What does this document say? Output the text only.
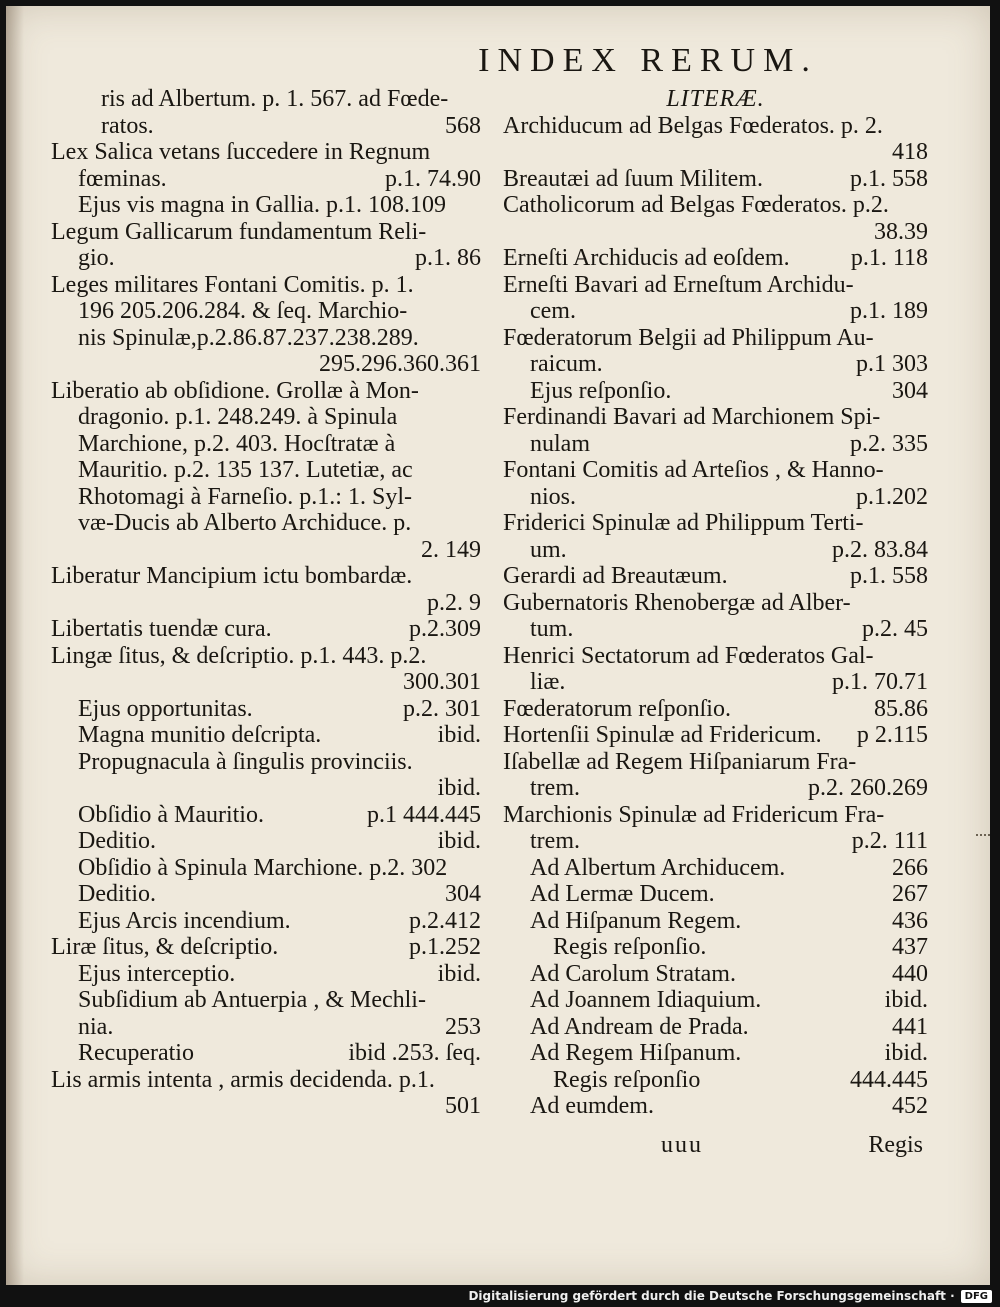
INDEX RERUM.
ris ad Albertum. p. 1. 567. ad Fœde-
ratos.	568
Lex Salica vetans ſuccedere in Regnum
fœminas.	p.1. 74.90
Ejus vis magna in Gallia. p.1. 108.109
Legum Gallicarum fundamentum Reli-
gio.	p.1. 86
Leges militares Fontani Comitis. p. 1.
196 205.206.284. & ſeq. Marchio-
nis Spinulæ,p.2.86.87.237.238.289.
295.296.360.361
Liberatio ab obſidione. Grollæ à Mon-
dragonio. p.1. 248.249. à Spinula
Marchione, p.2. 403. Hocſtratæ à
Mauritio. p.2. 135 137. Lutetiæ, ac
Rhotomagi à Farneſio. p.1.: 1. Syl-
væ-Ducis ab Alberto Archiduce. p.
2. 149
Liberatur Mancipium ictu bombardæ.
p.2. 9
Libertatis tuendæ cura.	p.2.309
Lingæ ſitus, & deſcriptio. p.1. 443. p.2.
300.301
Ejus opportunitas.	p.2. 301
Magna munitio deſcripta.	ibid.
Propugnacula à ſingulis provinciis.
ibid.
Obſidio à Mauritio.	p.1 444.445
Deditio.	ibid.
Obſidio à Spinula Marchione. p.2. 302
Deditio.	304
Ejus Arcis incendium.	p.2.412
Liræ ſitus, & deſcriptio.	p.1.252
Ejus interceptio.	ibid.
Subſidium ab Antuerpia , & Mechli-
nia.	253
Recuperatio	ibid .253. ſeq.
Lis armis intenta , armis decidenda. p.1.
501
LITERÆ.
Archiducum ad Belgas Fœderatos. p. 2.
418
Breautæi ad ſuum Militem.	p.1. 558
Catholicorum ad Belgas Fœderatos. p.2.
38.39
Erneſti Archiducis ad eoſdem.	p.1. 118
Erneſti Bavari ad Erneſtum Archidu-
cem.	p.1. 189
Fœderatorum Belgii ad Philippum Au-
raicum.	p.1 303
Ejus reſponſio.	304
Ferdinandi Bavari ad Marchionem Spi-
nulam	p.2. 335
Fontani Comitis ad Arteſios , & Hanno-
nios.	p.1.202
Friderici Spinulæ ad Philippum Terti-
um.	p.2. 83.84
Gerardi ad Breautæum.	p.1. 558
Gubernatoris Rhenobergæ ad Alber-
tum.	p.2. 45
Henrici Sectatorum ad Fœderatos Gal-
liæ.	p.1. 70.71
Fœderatorum reſponſio.	85.86
Hortenſii Spinulæ ad Fridericum.	p 2.115
Iſabellæ ad Regem Hiſpaniarum Fra-
trem.	p.2. 260.269
Marchionis Spinulæ ad Fridericum Fra-
trem.	p.2. 111
Ad Albertum Archiducem.	266
Ad Lermæ Ducem.	267
Ad Hiſpanum Regem.	436
Regis reſponſio.	437
Ad Carolum Stratam.	440
Ad Joannem Idiaquium.	ibid.
Ad Andream de Prada.	441
Ad Regem Hiſpanum.	ibid.
Regis reſponſio	444.445
Ad eumdem.	452
uuu	Regis
Digitalisierung gefördert durch die Deutsche Forschungsgemeinschaft ·	DFG
